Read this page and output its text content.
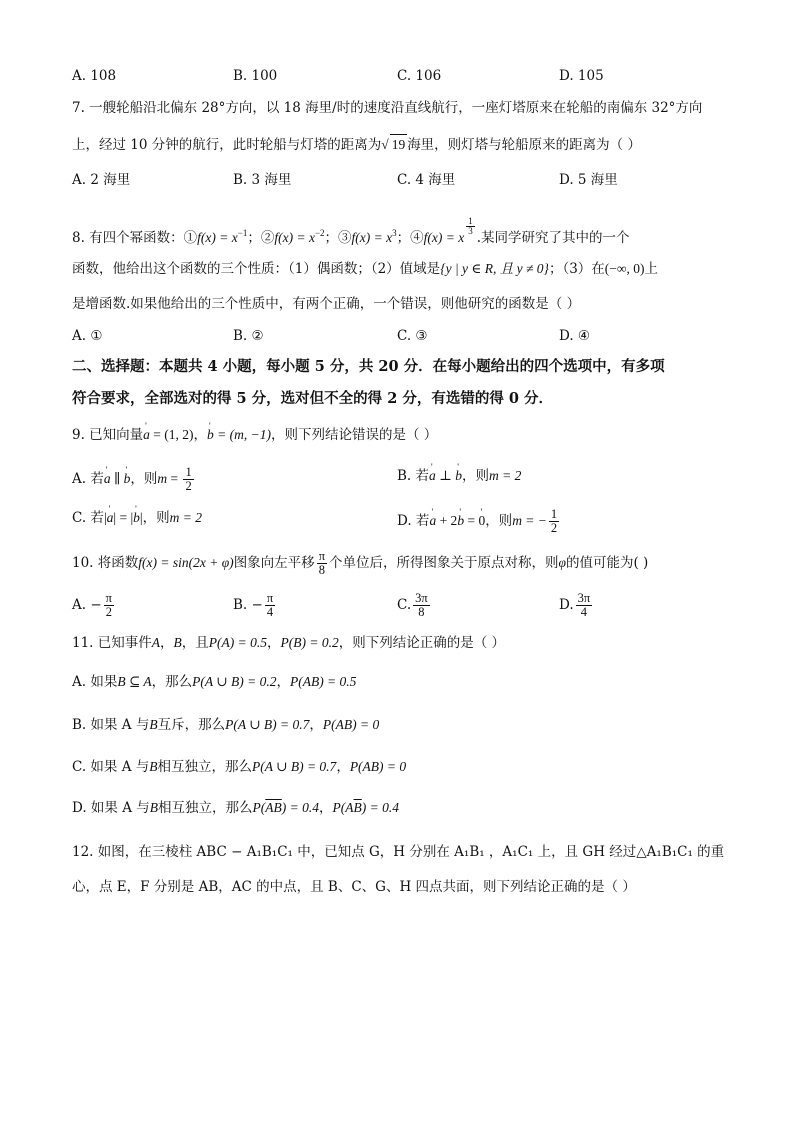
A. 108	B. 100	C. 106	D. 105
7. 一艘轮船沿北偏东 28°方向，以 18 海里/时的速度沿直线航行，一座灯塔原来在轮船的南偏东 32°方向
上，经过 10 分钟的航行，此时轮船与灯塔的距离为√ 19 海里，则灯塔与轮船原来的距离为（ ）
A. 2 海里	B. 3 海里	C. 4 海里	D. 5 海里
8. 有四个幂函数：①f(x) = $x^{-1}$；②f(x) = $x^{-2}$；③f(x) = $x^3$；④f(x) = x
$\frac{1}{3}$
.某同学研究了其中的一个
函数，他给出这个函数的三个性质：（1）偶函数；（2）值域是{y | y ∈ R, 且 y ≠ 0}；（3）在(−∞, 0)上
是增函数.如果他给出的三个性质中，有两个正确，一个错误，则他研究的函数是（ ）
A. ①	B. ②	C. ③	D. ④
二、选择题：本题共 4 小题，每小题 5 分，共 20 分．在每小题给出的四个选项中，有多项
符合要求，全部选对的得 5 分，选对但不全的得 2 分，有选错的得 0 分．
9. 已知向量' a = (1, 2)，' b = (m, −1)，则下列结论错误的是（ ）
A. 若' a ∥ ' b，则$m = \frac{1}{2}$	B. 若' a ⊥ ' b，则m = 2
C. 若|' a| = |' b|，则m = 2	D. 若' a + 2' b = ' 0，则m = − $\frac{1}{2}$
10. 将函数f(x) = sin(2x + φ)图象向左平移 $\frac{\pi}{8}$ 个单位后，所得图象关于原点对称，则φ的值可能为( )
A. − $\frac{\pi}{2}$	B. − $\frac{\pi}{4}$	C. $\frac{3\pi}{8}$	D. $\frac{3\pi}{4}$
11. 已知事件A，B，且P(A) = 0.5，P(B) = 0.2，则下列结论正确的是（ ）
A. 如果B ⊆ A，那么P(A ∪ B) = 0.2，P(AB) = 0.5
B. 如果 A 与B互斥，那么P(A ∪ B) = 0.7，P(AB) = 0
C. 如果 A 与B相互独立，那么P(A ∪ B) = 0.7，P(AB) = 0
D. 如果 A 与B相互独立，那么$P(\overline{AB}) = 0.4$，$P(A\overline{B}) = 0.4$
12. 如图，在三棱柱 ABC − A₁B₁C₁ 中，已知点 G，H 分别在 A₁B₁ ，A₁C₁ 上，且 GH 经过△A₁B₁C₁ 的重
心，点 E，F 分别是 AB，AC 的中点，且 B、C、G、H 四点共面，则下列结论正确的是（ ）
